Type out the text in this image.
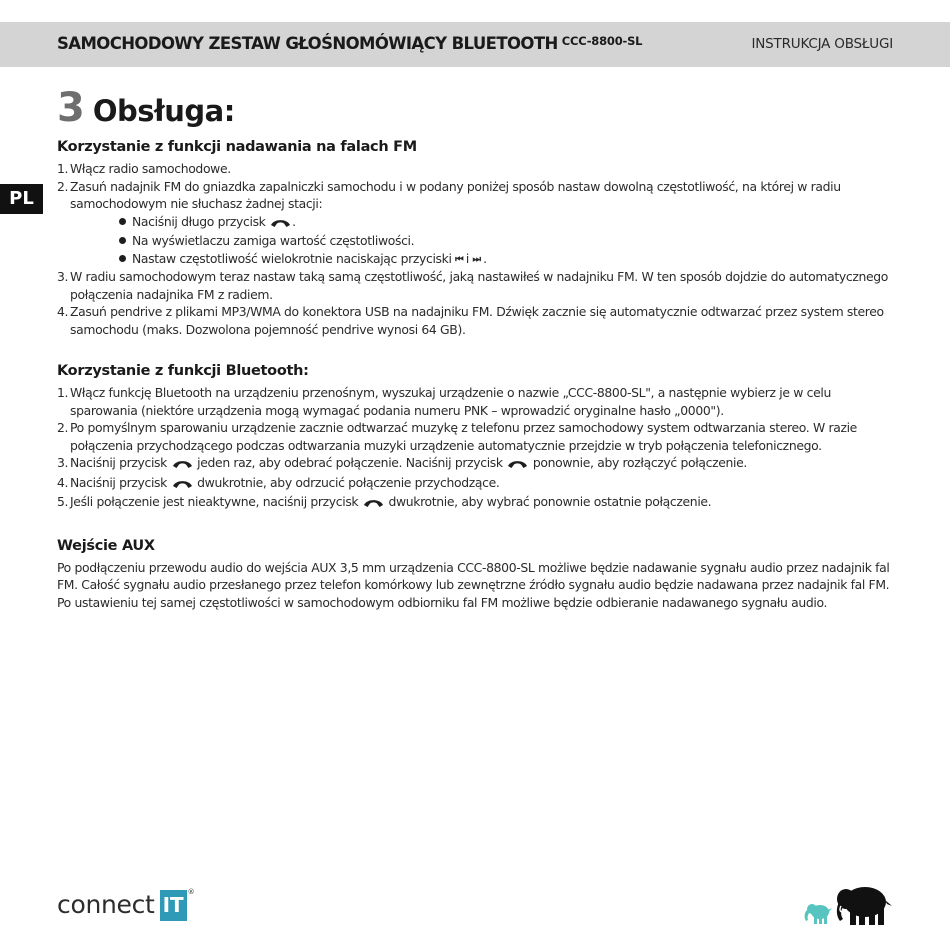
SAMOCHODOWY ZESTAW GŁOŚNOMÓWIĄCY BLUETOOTH $^{CCC-8800-SL}$	INSTRUKCJA OBSŁUGI
PL
3 Obsługa:
Korzystanie z funkcji nadawania na falach FM
1. Włącz radio samochodowe.
2. Zasuń nadajnik FM do gniazdka zapalniczki samochodu i w podany poniżej sposób nastaw dowolną częstotliwość, na której w radiu samochodowym nie słuchasz żadnej stacji:
Naciśnij długo przycisk .
Na wyświetlaczu zamiga wartość częstotliwości.
Nastaw częstotliwość wielokrotnie naciskając przyciski ⏮ i ⏭ .
3. W radiu samochodowym teraz nastaw taką samą częstotliwość, jaką nastawiłeś w nadajniku FM. W ten sposób dojdzie do automatycznego połączenia nadajnika FM z radiem.
4. Zasuń pendrive z plikami MP3/WMA do konektora USB na nadajniku FM. Dźwięk zacznie się automatycznie odtwarzać przez system stereo samochodu (maks. Dozwolona pojemność pendrive wynosi 64 GB).
Korzystanie z funkcji Bluetooth:
1. Włącz funkcję Bluetooth na urządzeniu przenośnym, wyszukaj urządzenie o nazwie „CCC-8800-SL", a następnie wybierz je w celu sparowania (niektóre urządzenia mogą wymagać podania numeru PNK – wprowadzić oryginalne hasło „0000").
2. Po pomyślnym sparowaniu urządzenie zacznie odtwarzać muzykę z telefonu przez samochodowy system odtwarzania stereo. W razie połączenia przychodzącego podczas odtwarzania muzyki urządzenie automatycznie przejdzie w tryb połączenia telefonicznego.
3. Naciśnij przycisk jeden raz, aby odebrać połączenie. Naciśnij przycisk ponownie, aby rozłączyć połączenie.
4. Naciśnij przycisk dwukrotnie, aby odrzucić połączenie przychodzące.
5. Jeśli połączenie jest nieaktywne, naciśnij przycisk dwukrotnie, aby wybrać ponownie ostatnie połączenie.
Wejście AUX

Po podłączeniu przewodu audio do wejścia AUX 3,5 mm urządzenia CCC-8800-SL możliwe będzie nadawanie sygnału audio przez nadajnik fal FM. Całość sygnału audio przesłanego przez telefon komórkowy lub zewnętrzne źródło sygnału audio będzie nadawana przez nadajnik fal FM. Po ustawieniu tej samej częstotliwości w samochodowym odbiorniku fal FM możliwe będzie odbieranie nadawanego sygnału audio.

connect IT
®
